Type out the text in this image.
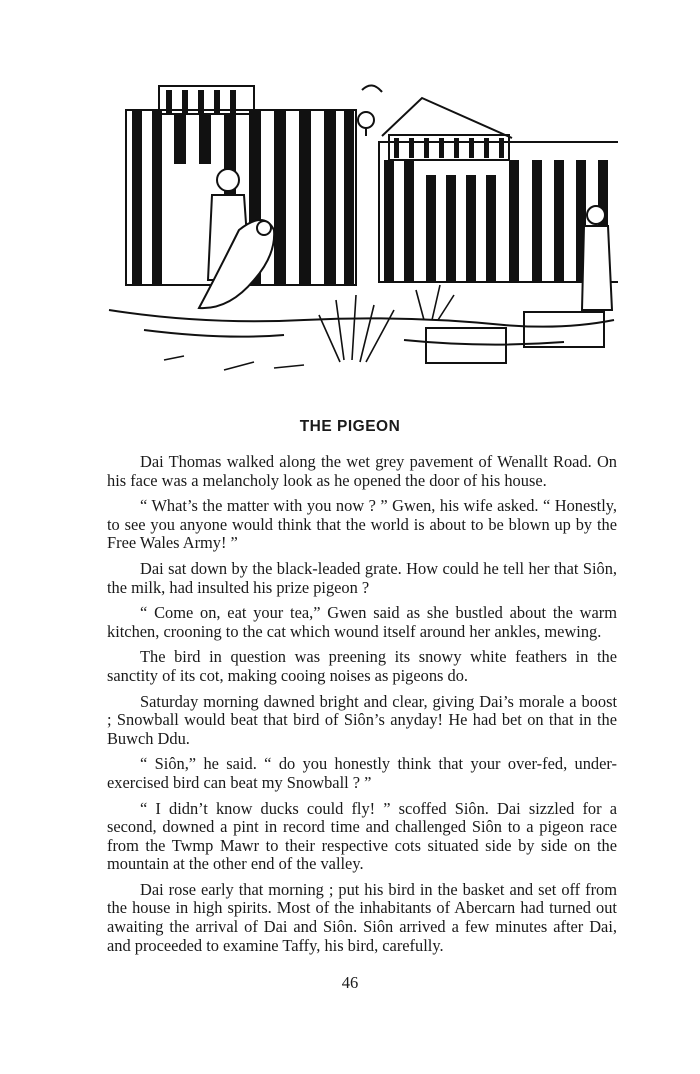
THE PIGEON

Dai Thomas walked along the wet grey pavement of Wenallt Road. On his face was a melancholy look as he opened the door of his house.

“ What’s the matter with you now ? ” Gwen, his wife asked. “ Honestly, to see you anyone would think that the world is about to be blown up by the Free Wales Army! ”

Dai sat down by the black-leaded grate. How could he tell her that Siôn, the milk, had insulted his prize pigeon ?

“ Come on, eat your tea,” Gwen said as she bustled about the warm kitchen, crooning to the cat which wound itself around her ankles, mewing.

The bird in question was preening its snowy white feathers in the sanctity of its cot, making cooing noises as pigeons do.

Saturday morning dawned bright and clear, giving Dai’s morale a boost ; Snowball would beat that bird of Siôn’s anyday! He had bet on that in the Buwch Ddu.

“ Siôn,” he said. “ do you honestly think that your over-fed, under-exercised bird can beat my Snowball ? ”

“ I didn’t know ducks could fly! ” scoffed Siôn. Dai sizzled for a second, downed a pint in record time and challenged Siôn to a pigeon race from the Twmp Mawr to their respective cots situated side by side on the mountain at the other end of the valley.

Dai rose early that morning ; put his bird in the basket and set off from the house in high spirits. Most of the inhabitants of Abercarn had turned out awaiting the arrival of Dai and Siôn. Siôn arrived a few minutes after Dai, and proceeded to examine Taffy, his bird, carefully.

46
